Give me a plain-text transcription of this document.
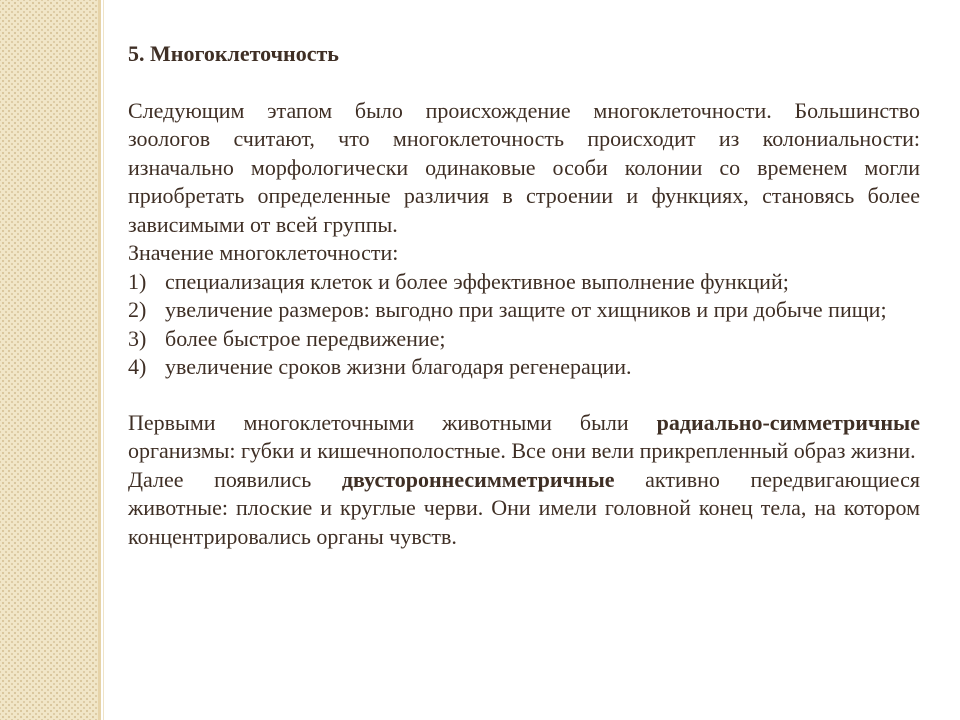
5. Многоклеточность

Следующим этапом было происхождение многоклеточности. Большинство зоологов считают, что многоклеточность происходит из колониальности: изначально морфологически одинаковые особи колонии со временем могли приобретать определенные различия в строении и функциях, становясь более зависимыми от всей группы.

Значение многоклеточности:

1) специализация клеток и более эффективное выполнение функций;
2) увеличение размеров: выгодно при защите от хищников и при добыче пищи;
3) более быстрое передвижение;
4) увеличение сроков жизни благодаря регенерации.

Первыми многоклеточными животными были радиально-симметричные организмы: губки и кишечнополостные. Все они вели прикрепленный образ жизни.

Далее появились двустороннесимметричные активно передвигающиеся животные: плоские и круглые черви. Они имели головной конец тела, на котором концентрировались органы чувств.
